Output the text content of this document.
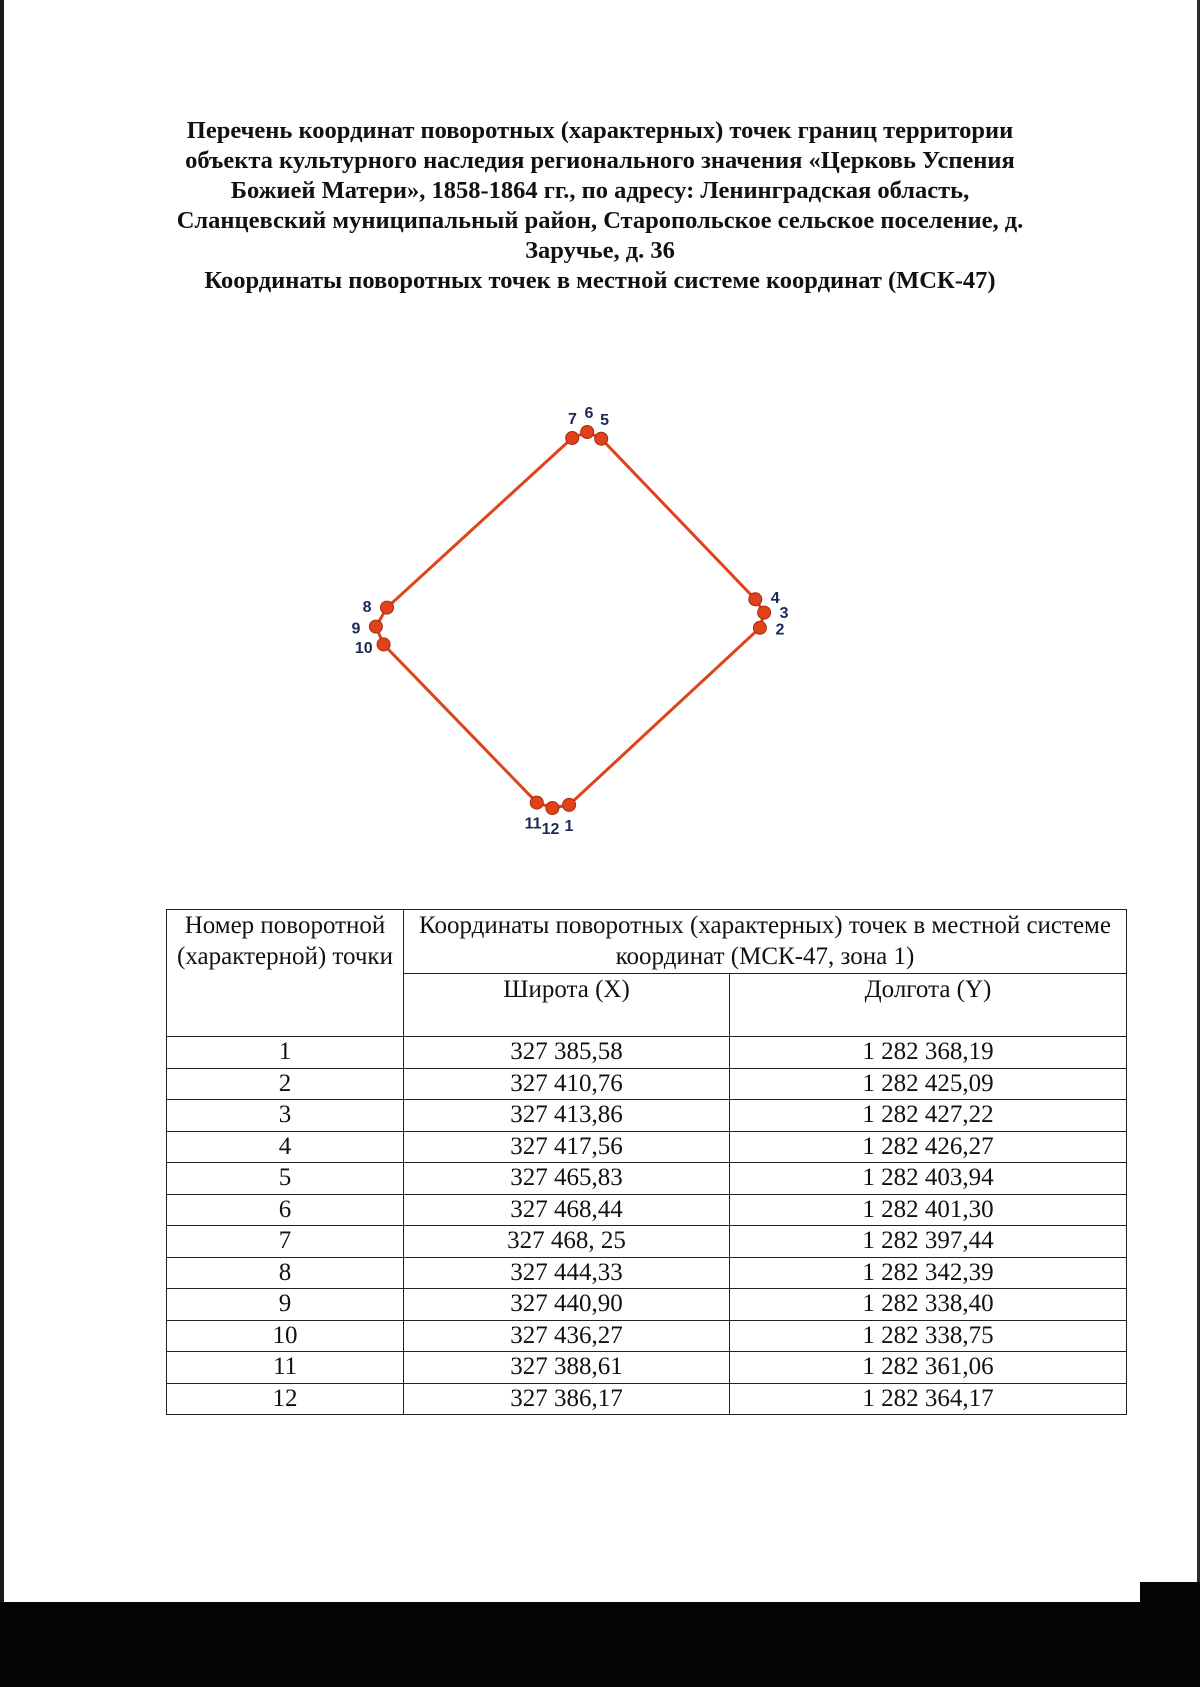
Перечень координат поворотных (характерных) точек границ территории
объекта культурного наследия регионального значения «Церковь Успения
Божией Матери», 1858-1864 гг., по адресу: Ленинградская область,
Сланцевский муниципальный район, Старопольское сельское поселение, д.
Заручье, д. 36
Координаты поворотных точек в местной системе координат (МСК-47)
1
2
3
4
5
6
7
8
9
10
11 12
Номер поворотной (характерной) точки	Координаты поворотных (характерных) точек в местной системе координат (МСК-47, зона 1)	
	Широта (X)	Долгота (Y)
1	327 385,58	1 282 368,19
2	327 410,76	1 282 425,09
3	327 413,86	1 282 427,22
4	327 417,56	1 282 426,27
5	327 465,83	1 282 403,94
6	327 468,44	1 282 401,30
7	327 468, 25	1 282 397,44
8	327 444,33	1 282 342,39
9	327 440,90	1 282 338,40
10	327 436,27	1 282 338,75
11	327 388,61	1 282 361,06
12	327 386,17	1 282 364,17
